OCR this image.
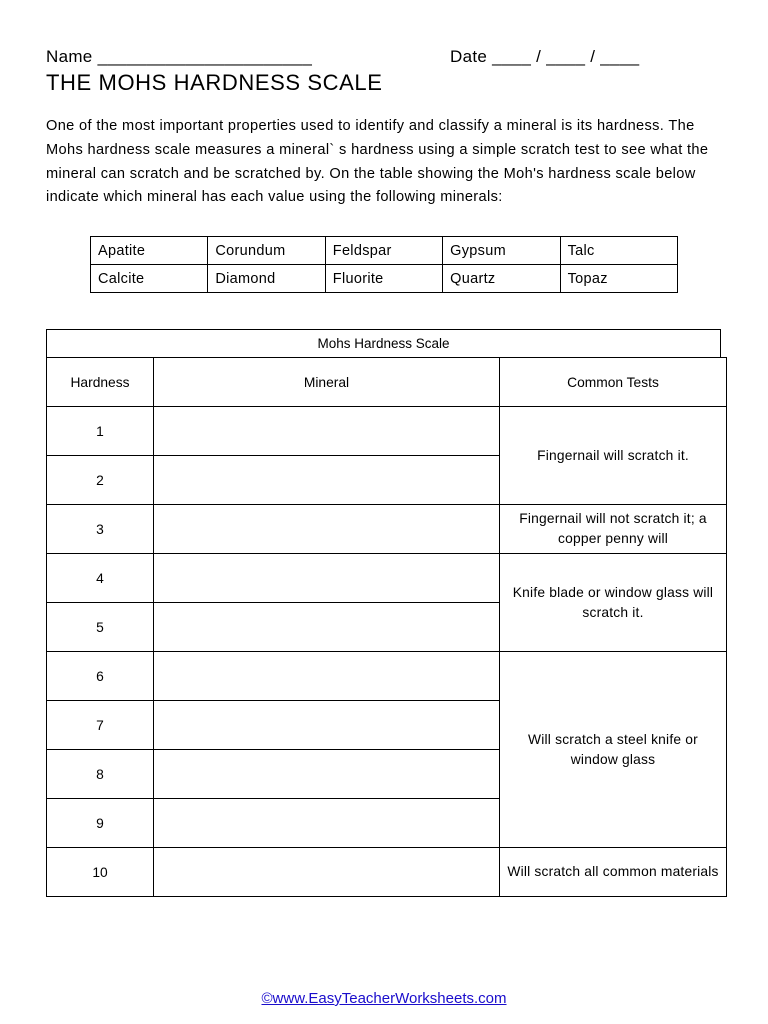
Name ______________________	Date ____ / ____ / ____
THE MOHS HARDNESS SCALE
One of the most important properties used to identify and classify a mineral is its hardness. The Mohs hardness scale measures a mineral` s hardness using a simple scratch test to see what the mineral can scratch and be scratched by. On the table showing the Moh's hardness scale below indicate which mineral has each value using the following minerals:
Apatite	Corundum	Feldspar	Gypsum	Talc
Calcite	Diamond	Fluorite	Quartz	Topaz
Mohs Hardness Scale
Hardness	Mineral	Common Tests
1		Fingernail will scratch it.
2		
3		Fingernail will not scratch it; a copper penny will
4		Knife blade or window glass will scratch it.
5		
6		Will scratch a steel knife or window glass
7		
8		
9		
10		Will scratch all common materials
©www.EasyTeacherWorksheets.com
